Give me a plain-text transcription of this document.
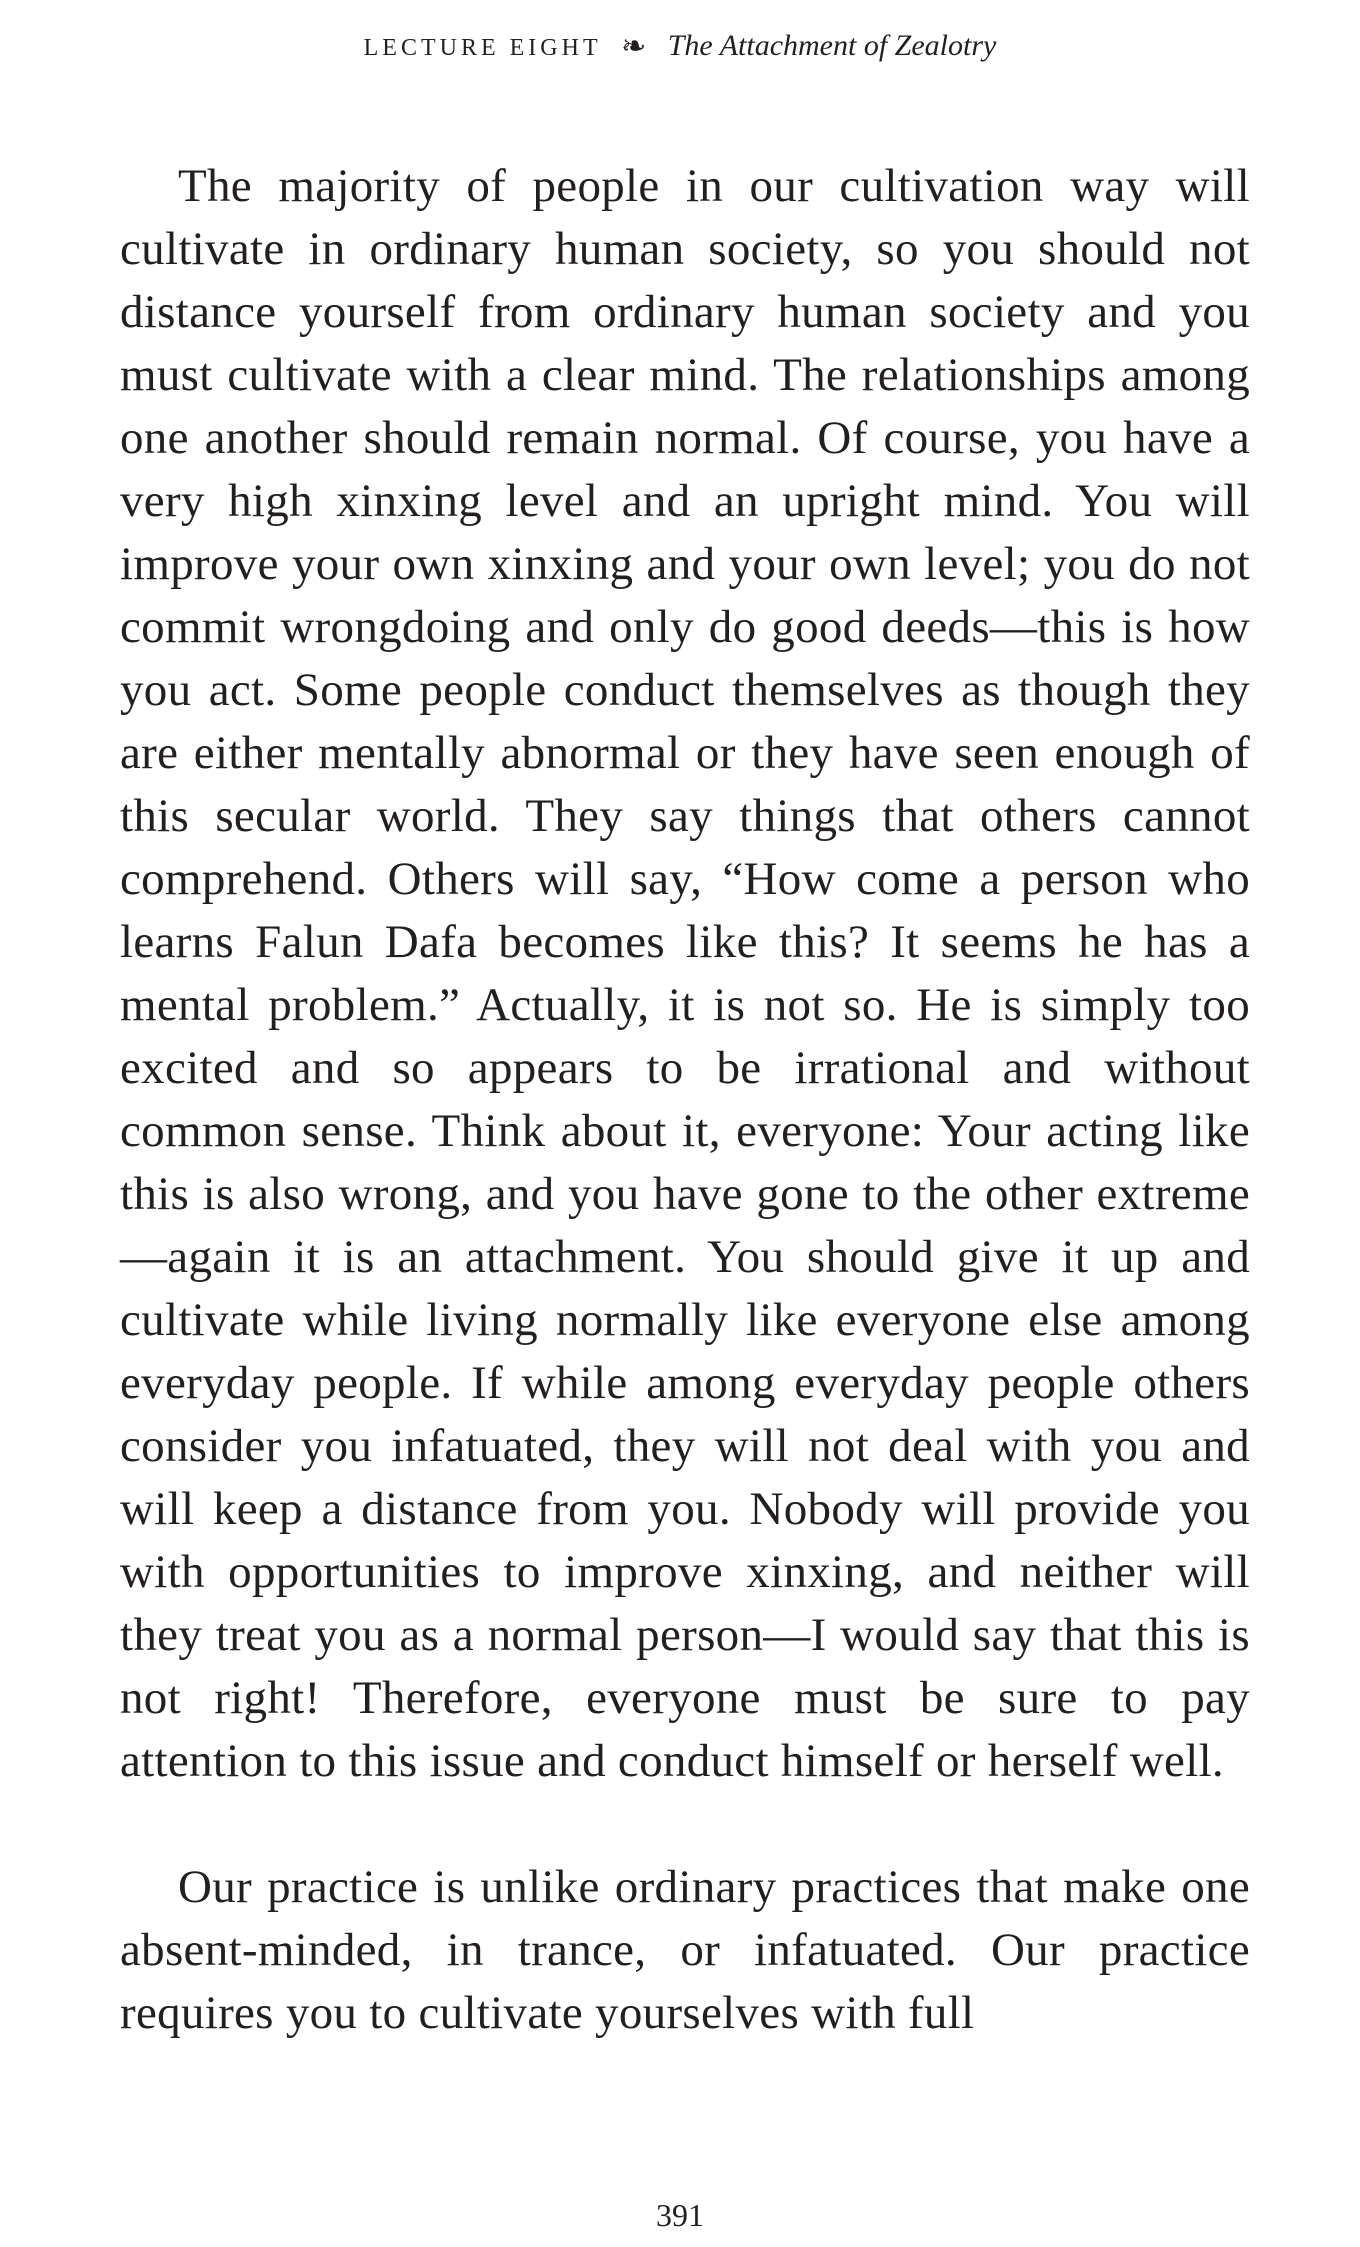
LECTURE EIGHT ❧ The Attachment of Zealotry

The majority of people in our cultivation way will cultivate in ordinary human society, so you should not distance yourself from ordinary human society and you must cultivate with a clear mind. The relationships among one another should remain normal. Of course, you have a very high xinxing level and an upright mind. You will improve your own xinxing and your own level; you do not commit wrongdoing and only do good deeds—this is how you act. Some people conduct themselves as though they are either mentally abnormal or they have seen enough of this secular world. They say things that others cannot comprehend. Others will say, “How come a person who learns Falun Dafa becomes like this? It seems he has a mental problem.” Actually, it is not so. He is simply too excited and so appears to be irrational and without common sense. Think about it, everyone: Your acting like this is also wrong, and you have gone to the other extreme—again it is an attachment. You should give it up and cultivate while living normally like everyone else among everyday people. If while among everyday people others consider you infatuated, they will not deal with you and will keep a distance from you. Nobody will provide you with opportunities to improve xinxing, and neither will they treat you as a normal person—I would say that this is not right! Therefore, everyone must be sure to pay attention to this issue and conduct himself or herself well.

Our practice is unlike ordinary practices that make one absent-minded, in trance, or infatuated. Our practice requires you to cultivate yourselves with full

391
